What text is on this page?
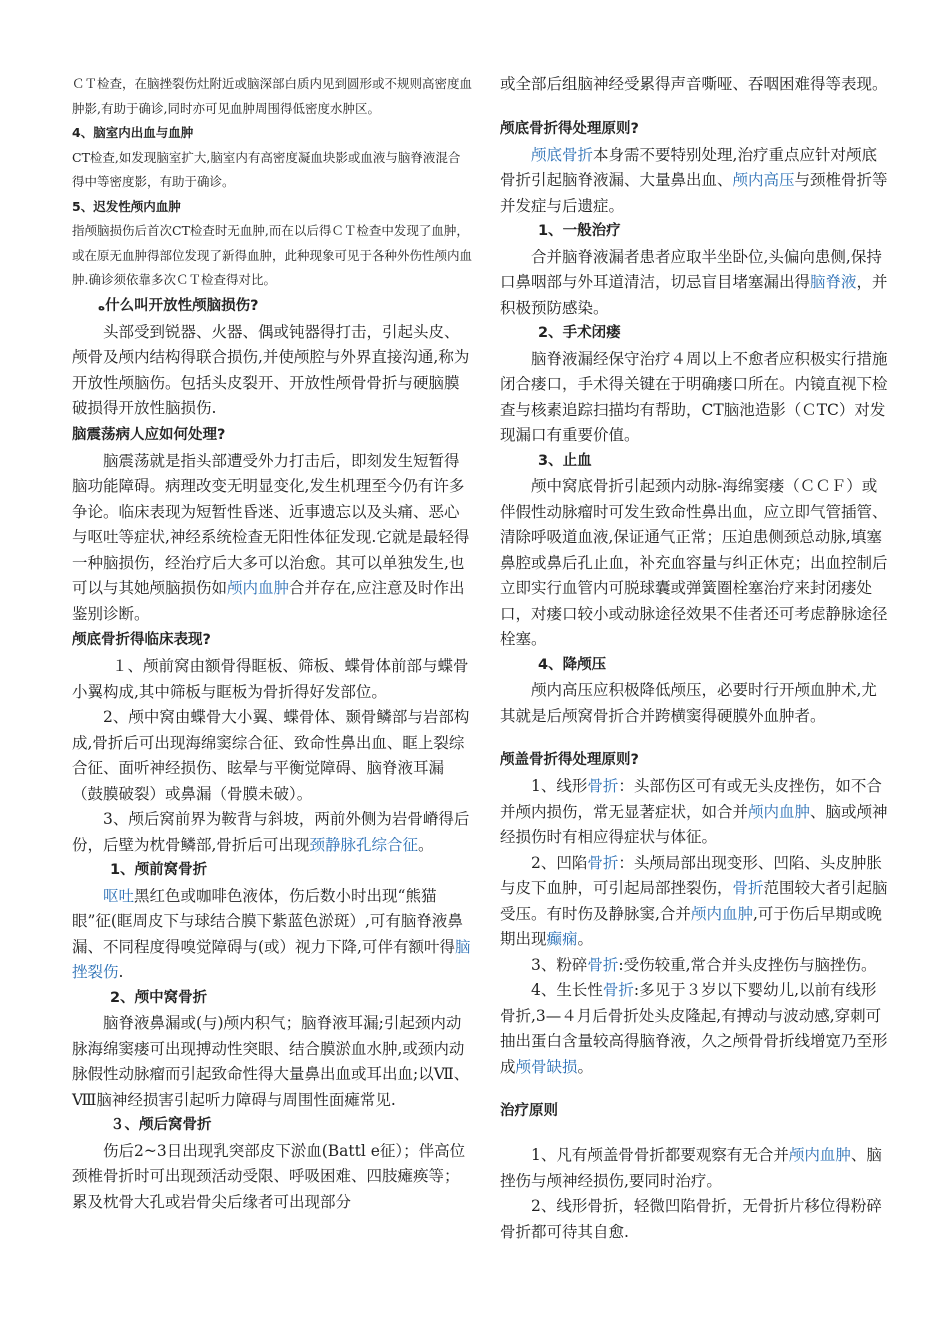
ＣＴ检查，在脑挫裂伤灶附近或脑深部白质内见到圆形或不规则高密度血肿影,有助于确诊,同时亦可见血肿周围得低密度水肿区。

4、脑室内出血与血肿

CT检查,如发现脑室扩大,脑室内有高密度凝血块影或血液与脑脊液混合得中等密度影，有助于确诊。

5、迟发性颅内血肿

指颅脑损伤后首次CT检查时无血肿,而在以后得ＣＴ检查中发现了血肿，或在原无血肿得部位发现了新得血肿，此种现象可见于各种外伤性颅内血肿.确诊须依靠多次ＣＴ检查得对比。

ه什么叫开放性颅脑损伤?

头部受到锐器、火器、偶或钝器得打击，引起头皮、颅骨及颅内结构得联合损伤,并使颅腔与外界直接沟通,称为开放性颅脑伤。包括头皮裂开、开放性颅骨骨折与硬脑膜破损得开放性脑损伤.

脑震荡病人应如何处理?

脑震荡就是指头部遭受外力打击后，即刻发生短暂得脑功能障碍。病理改变无明显变化,发生机理至今仍有许多争论。临床表现为短暂性昏迷、近事遗忘以及头痛、恶心与呕吐等症状,神经系统检查无阳性体征发现.它就是最轻得一种脑损伤，经治疗后大多可以治愈。其可以单独发生,也可以与其她颅脑损伤如颅内血肿合并存在,应注意及时作出鉴别诊断。

颅底骨折得临床表现?

１、颅前窝由额骨得眶板、筛板、蝶骨体前部与蝶骨小翼构成,其中筛板与眶板为骨折得好发部位。

2、颅中窝由蝶骨大小翼、蝶骨体、颞骨鳞部与岩部构成,骨折后可出现海绵窦综合征、致命性鼻出血、眶上裂综合征、面听神经损伤、眩晕与平衡觉障碍、脑脊液耳漏（鼓膜破裂）或鼻漏（骨膜未破）。

3、颅后窝前界为鞍背与斜坡，两前外侧为岩骨嵴得后份，后壁为枕骨鳞部,骨折后可出现颈静脉孔综合征。

1、颅前窝骨折

呕吐黑红色或咖啡色液体，伤后数小时出现“熊猫眼”征(眶周皮下与球结合膜下紫蓝色淤斑）,可有脑脊液鼻漏、不同程度得嗅觉障碍与(或）视力下降,可伴有额叶得脑挫裂伤.

2、颅中窝骨折

脑脊液鼻漏或(与)颅内积气；脑脊液耳漏;引起颈内动脉海绵窦瘘可出现搏动性突眼、结合膜淤血水肿,或颈内动脉假性动脉瘤而引起致命性得大量鼻出血或耳出血;以Ⅶ、Ⅷ脑神经损害引起听力障碍与周围性面瘫常见.

３、颅后窝骨折

伤后2~3日出现乳突部皮下淤血(Battl e征）；伴高位颈椎骨折时可出现颈活动受限、呼吸困难、四肢瘫痪等；累及枕骨大孔或岩骨尖后缘者可出现部分

或全部后组脑神经受累得声音嘶哑、吞咽困难得等表现。

颅底骨折得处理原则?

颅底骨折本身需不要特别处理,治疗重点应针对颅底骨折引起脑脊液漏、大量鼻出血、颅内高压与颈椎骨折等并发症与后遗症。

1、一般治疗

合并脑脊液漏者患者应取半坐卧位,头偏向患侧,保持口鼻咽部与外耳道清洁，切忌盲目堵塞漏出得脑脊液，并积极预防感染。

2、手术闭瘘

脑脊液漏经保守治疗４周以上不愈者应积极实行措施闭合瘘口，手术得关键在于明确瘘口所在。内镜直视下检查与核素追踪扫描均有帮助，CT脑池造影（ＣTC）对发现漏口有重要价值。

3、止血

颅中窝底骨折引起颈内动脉-海绵窦瘘（ＣＣＦ）或伴假性动脉瘤时可发生致命性鼻出血，应立即气管插管、清除呼吸道血液,保证通气正常；压迫患侧颈总动脉,填塞鼻腔或鼻后孔止血，补充血容量与纠正休克；出血控制后立即实行血管内可脱球囊或弹簧圈栓塞治疗来封闭瘘处口，对瘘口较小或动脉途径效果不佳者还可考虑静脉途径栓塞。

4、降颅压

颅内高压应积极降低颅压，必要时行开颅血肿术,尤其就是后颅窝骨折合并跨横窦得硬膜外血肿者。

颅盖骨折得处理原则?

1、线形骨折：头部伤区可有或无头皮挫伤，如不合并颅内损伤，常无显著症状，如合并颅内血肿、脑或颅神经损伤时有相应得症状与体征。

2、凹陷骨折：头颅局部出现变形、凹陷、头皮肿胀与皮下血肿，可引起局部挫裂伤，骨折范围较大者引起脑受压。有时伤及静脉窦,合并颅内血肿,可于伤后早期或晚期出现癫痫。

3、粉碎骨折:受伤较重,常合并头皮挫伤与脑挫伤。

4、生长性骨折:多见于３岁以下婴幼儿,以前有线形骨折,3—４月后骨折处头皮隆起,有搏动与波动感,穿刺可抽出蛋白含量较高得脑脊液，久之颅骨骨折线增宽乃至形成颅骨缺损。

治疗原则

1、凡有颅盖骨骨折都要观察有无合并颅内血肿、脑挫伤与颅神经损伤,要同时治疗。

2、线形骨折，轻微凹陷骨折，无骨折片移位得粉碎骨折都可待其自愈.
